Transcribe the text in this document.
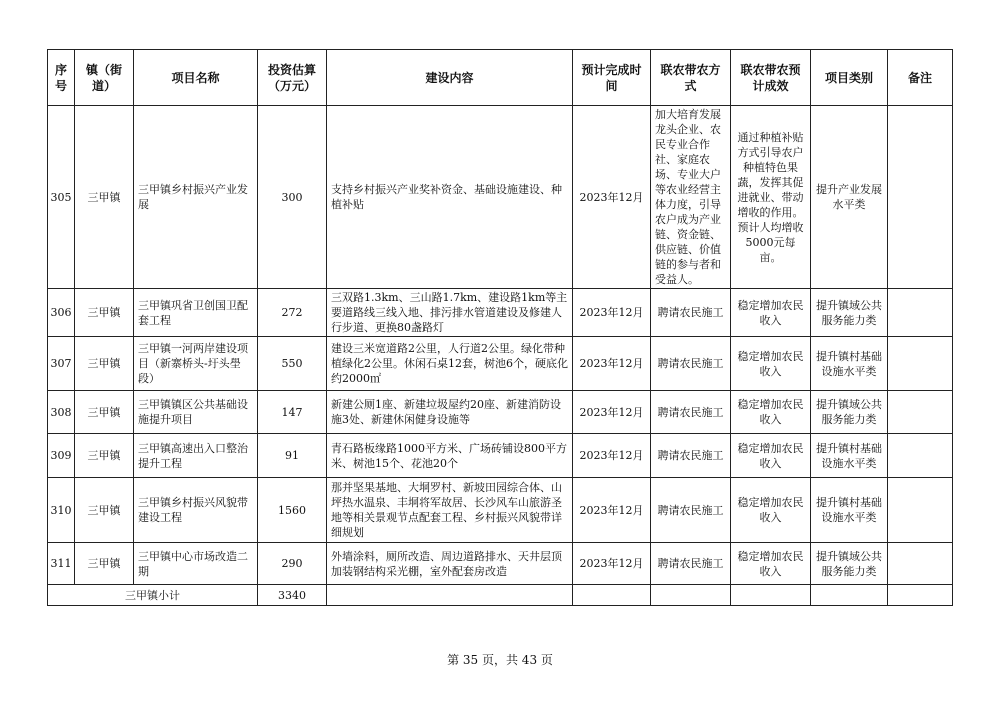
序号	镇（街道）	项目名称	投资估算（万元）	建设内容	预计完成时间	联农带农方式	联农带农预计成效	项目类别	备注
305	三甲镇	三甲镇乡村振兴产业发展	300	支持乡村振兴产业奖补资金、基础设施建设、种植补贴	2023年12月	加大培育发展龙头企业、农民专业合作社、家庭农场、专业大户等农业经营主体力度，引导农户成为产业链、资金链、供应链、价值链的参与者和受益人。	通过种植补贴方式引导农户种植特色果蔬，发挥其促进就业、带动增收的作用。预计人均增收5000元每亩。	提升产业发展水平类	
306	三甲镇	三甲镇巩省卫创国卫配套工程	272	三双路1.3km、三山路1.7km、建设路1km等主要道路线三线入地、排污排水管道建设及修建人行步道、更换80盏路灯	2023年12月	聘请农民施工	稳定增加农民收入	提升镇域公共服务能力类	
307	三甲镇	三甲镇一河两岸建设项目（新寨桥头-圩头壆段）	550	建设三米宽道路2公里，人行道2公里。绿化带种植绿化2公里。休闲石桌12套，树池6个，硬底化约2000㎡	2023年12月	聘请农民施工	稳定增加农民收入	提升镇村基础设施水平类	
308	三甲镇	三甲镇镇区公共基础设施提升项目	147	新建公厕1座、新建垃圾屋约20座、新建消防设施3处、新建休闲健身设施等	2023年12月	聘请农民施工	稳定增加农民收入	提升镇域公共服务能力类	
309	三甲镇	三甲镇高速出入口整治提升工程	91	青石路板缘路1000平方米、广场砖铺设800平方米、树池15个、花池20个	2023年12月	聘请农民施工	稳定增加农民收入	提升镇村基础设施水平类	
310	三甲镇	三甲镇乡村振兴风貌带建设工程	1560	那并坚果基地、大垌罗村、新坡田园综合体、山坪热水温泉、丰垌将军故居、长沙风车山旅游圣地等相关景观节点配套工程、乡村振兴风貌带详细规划	2023年12月	聘请农民施工	稳定增加农民收入	提升镇村基础设施水平类	
311	三甲镇	三甲镇中心市场改造二期	290	外墙涂料，厕所改造、周边道路排水、天井层顶加装钢结构采光棚，室外配套房改造	2023年12月	聘请农民施工	稳定增加农民收入	提升镇域公共服务能力类	
三甲镇小计			3340						
第 35 页，共 43 页
